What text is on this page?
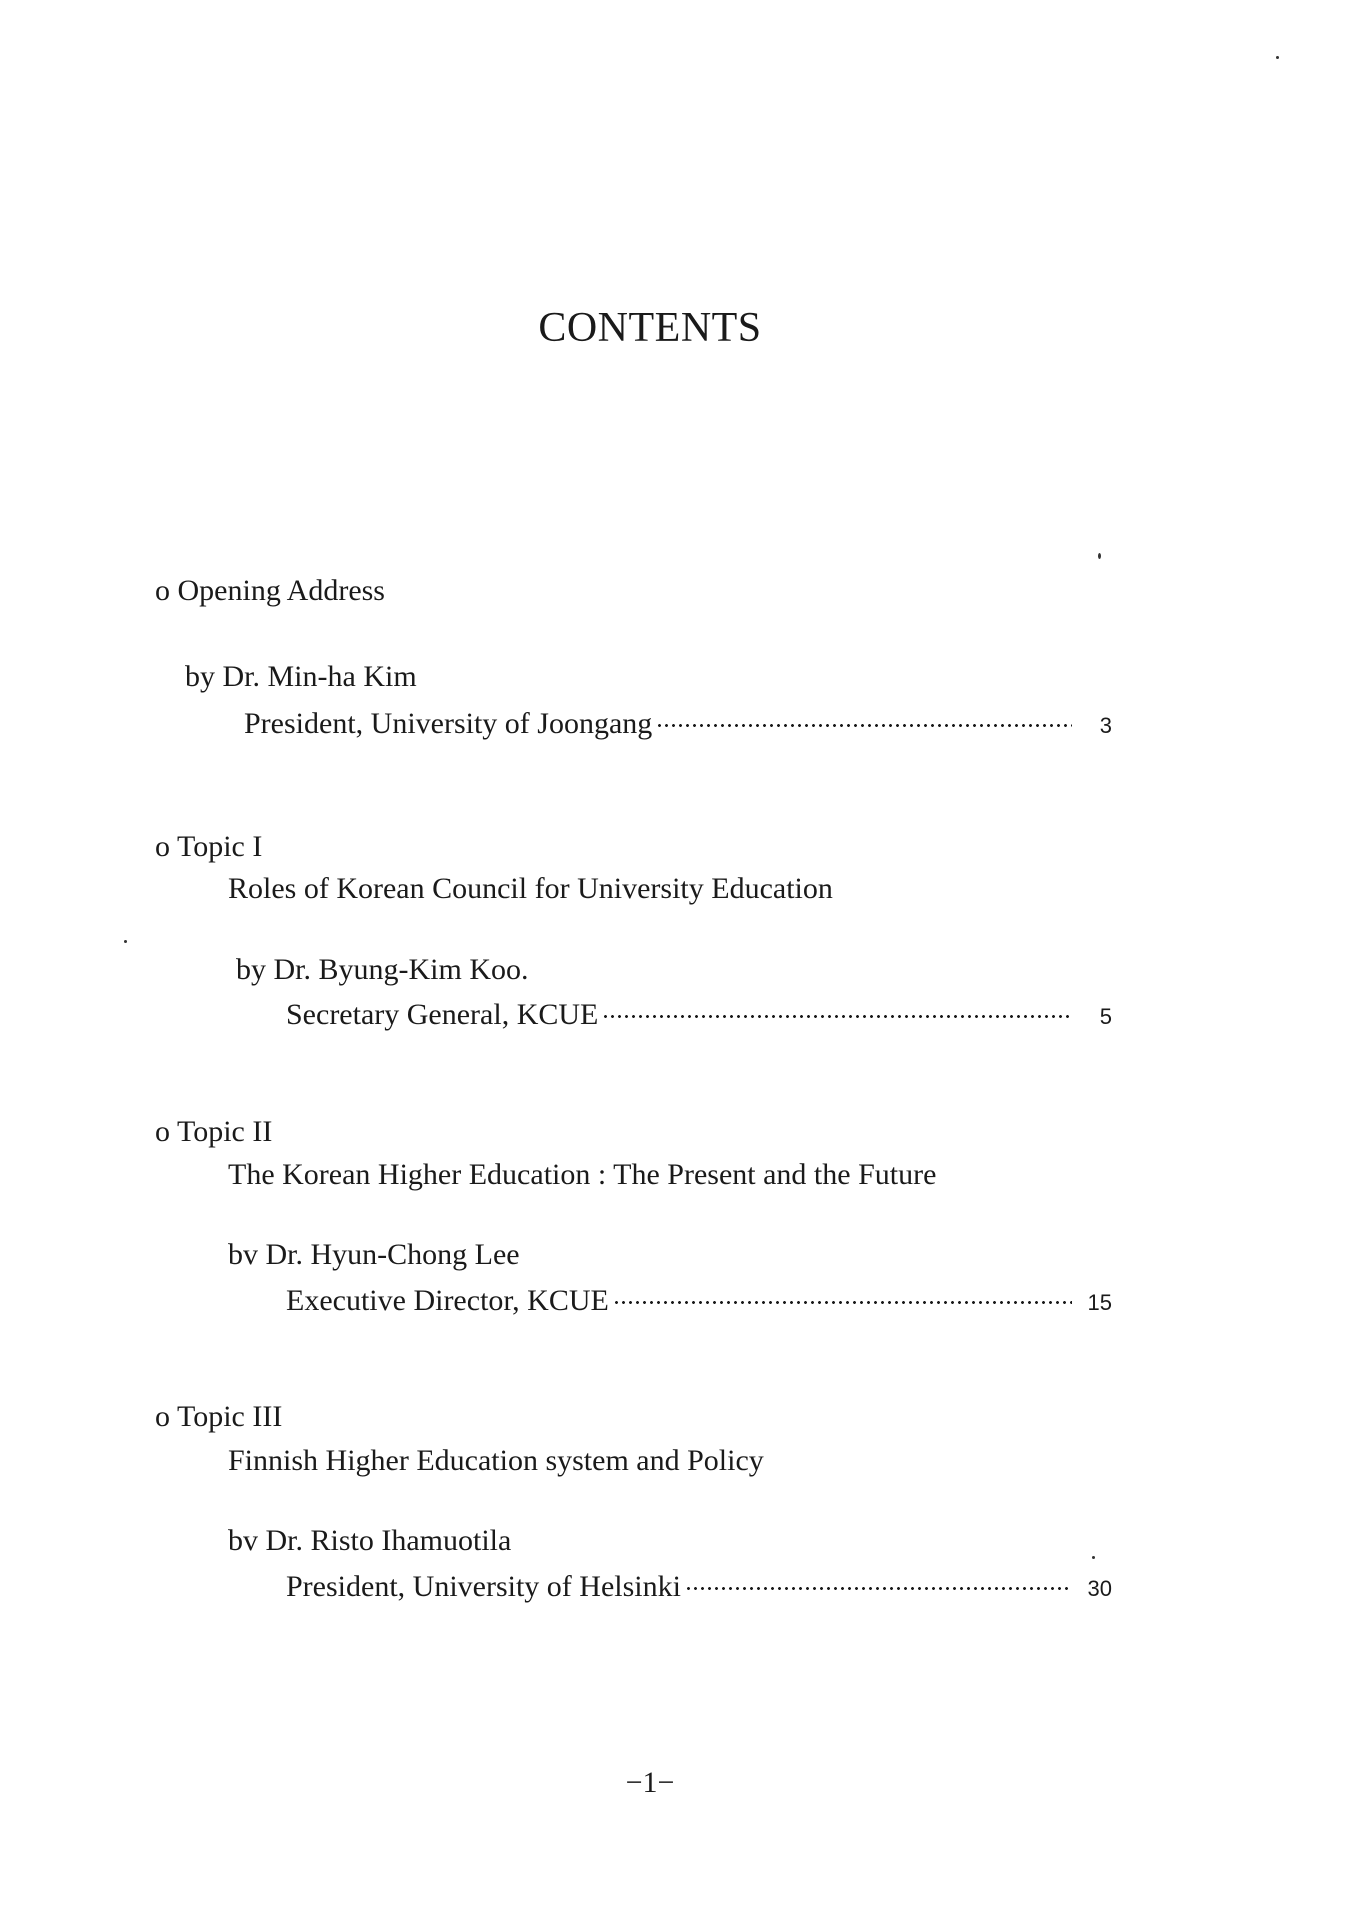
CONTENTS
o Opening Address
by Dr. Min-ha Kim
President, University of Joongang	3
o Topic I
Roles of Korean Council for University Education
by Dr. Byung-Kim Koo.
Secretary General, KCUE	5
o Topic II
The Korean Higher Education : The Present and the Future
bv Dr. Hyun-Chong Lee
Executive Director, KCUE	15
o Topic III
Finnish Higher Education system and Policy
bv Dr. Risto Ihamuotila
President, University of Helsinki	30
−1−
